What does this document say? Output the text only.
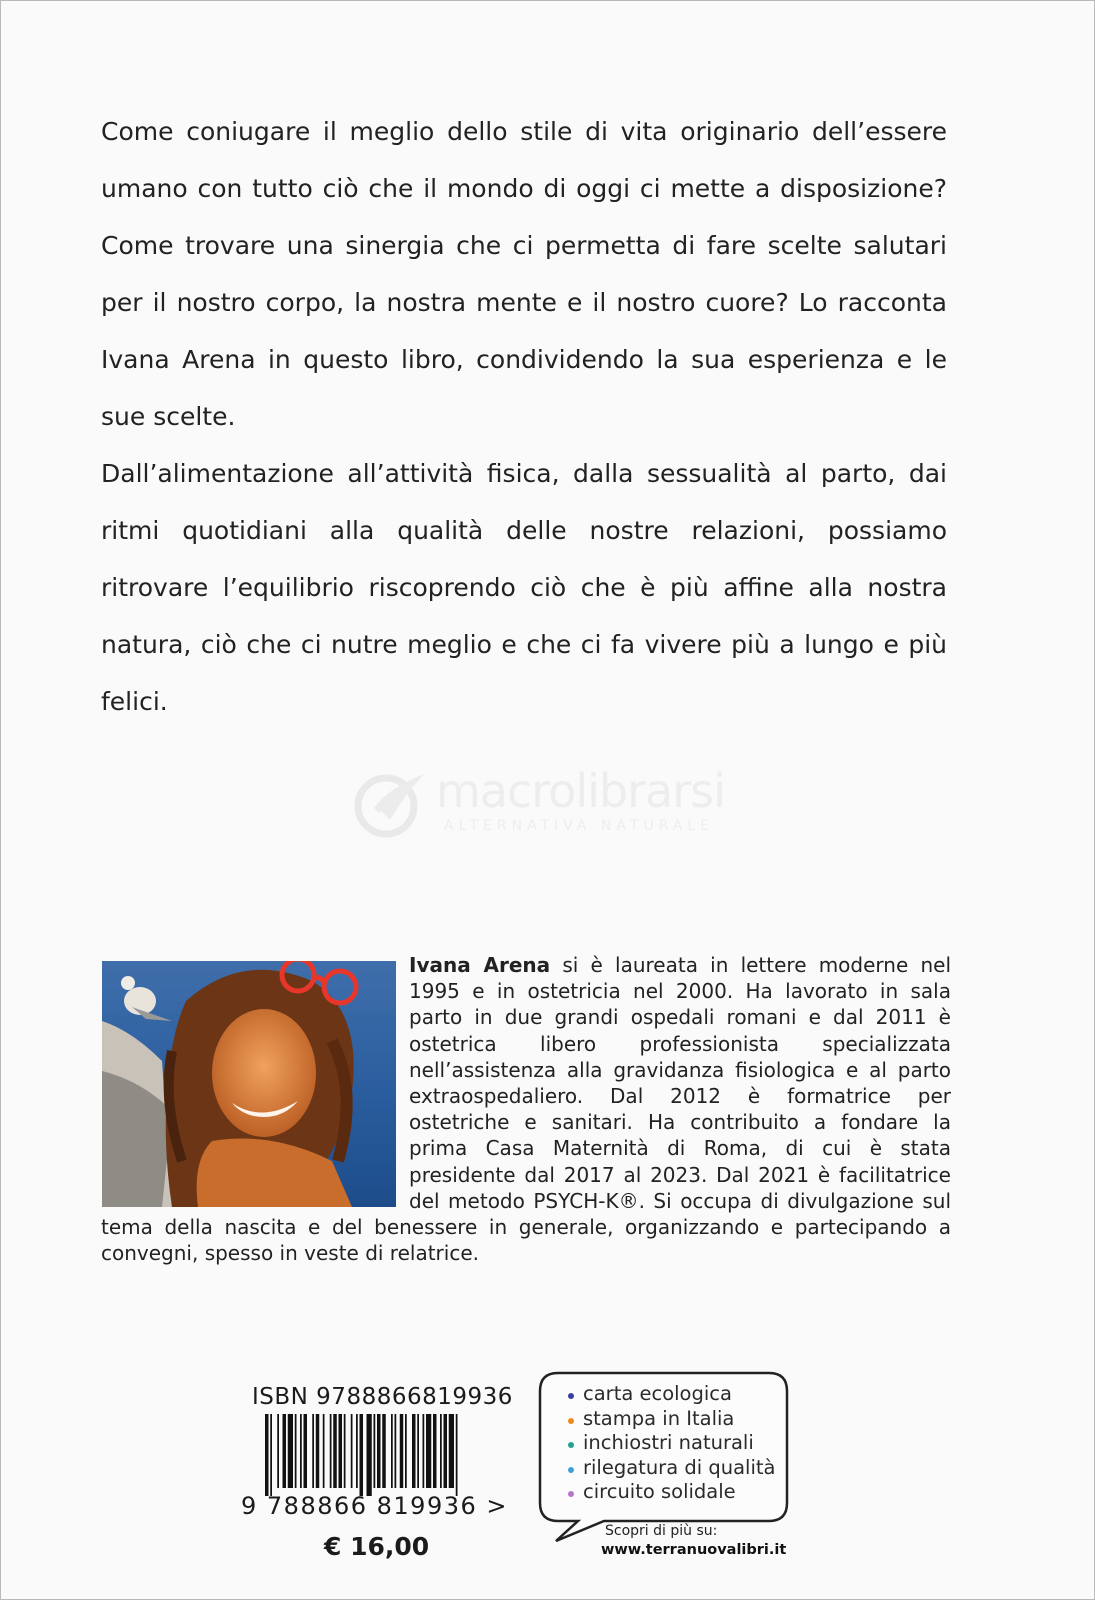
Come coniugare il meglio dello stile di vita originario dell’essere umano con tutto ciò che il mondo di oggi ci mette a disposizione? Come trovare una sinergia che ci permetta di fare scelte salutari per il nostro corpo, la nostra mente e il nostro cuore? Lo racconta Ivana Arena in questo libro, condividendo la sua esperienza e le sue scelte.

Dall’alimentazione all’attività fisica, dalla sessualità al parto, dai ritmi quotidiani alla qualità delle nostre relazioni, possiamo ritrovare l’equilibrio riscoprendo ciò che è più affine alla nostra natura, ciò che ci nutre meglio e che ci fa vivere più a lungo e più felici.

macrolibrarsi
ALTERNATIVA NATURALE

Ivana Arena si è laureata in lettere moderne nel 1995 e in ostetricia nel 2000. Ha lavorato in sala parto in due grandi ospedali romani e dal 2011 è ostetrica libero professionista specializzata nell’assistenza alla gravidanza fisiologica e al parto extraospedaliero. Dal 2012 è formatrice per ostetriche e sanitari. Ha contribuito a fondare la prima Casa Maternità di Roma, di cui è stata presidente dal 2017 al 2023. Dal 2021 è facilitatrice del metodo PSYCH-K®. Si occupa di divulgazione sul tema della nascita e del benessere in generale, organizzando e partecipando a convegni, spesso in veste di relatrice.

ISBN 9788866819936
9 788866 819936 >
€ 16,00
carta ecologica
stampa in Italia
inchiostri naturali
rilegatura di qualità
circuito solidale
Scopri di più su:
www.terranuovalibri.it
